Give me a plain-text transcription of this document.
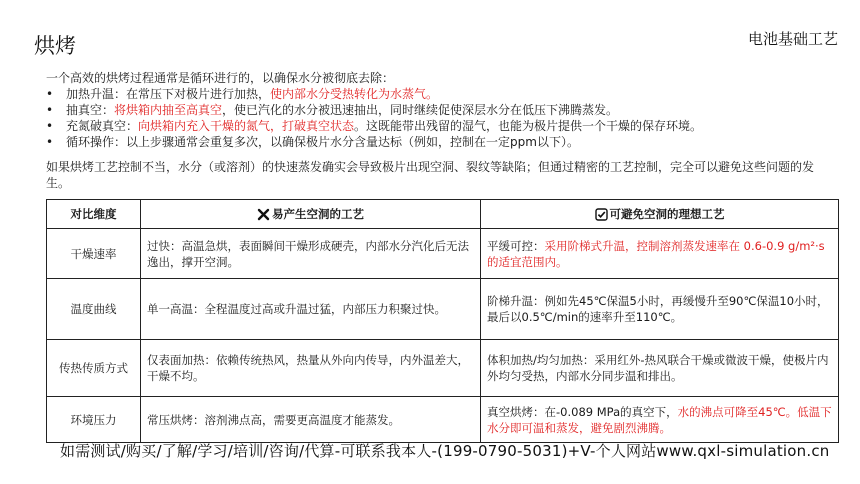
烘烤	电池基础工艺

一个高效的烘烤过程通常是循环进行的，以确保水分被彻底去除：

• 加热升温：在常压下对极片进行加热，使内部水分受热转化为水蒸气。
• 抽真空：将烘箱内抽至高真空，使已汽化的水分被迅速抽出，同时继续促使深层水分在低压下沸腾蒸发。
• 充氮破真空：向烘箱内充入干燥的氮气，打破真空状态。这既能带出残留的湿气，也能为极片提供一个干燥的保存环境。
• 循环操作：以上步骤通常会重复多次，以确保极片水分含量达标（例如，控制在一定ppm以下）。
如果烘烤工艺控制不当，水分（或溶剂）的快速蒸发确实会导致极片出现空洞、裂纹等缺陷；但通过精密的工艺控制，完全可以避免这些问题的发生。
对比维度	易产生空洞的工艺	可避免空洞的理想工艺
干燥速率	过快：高温急烘，表面瞬间干燥形成硬壳，内部水分汽化后无法逸出，撑开空洞。	平缓可控：采用阶梯式升温，控制溶剂蒸发速率在 0.6-0.9 g/m²·s 的适宜范围内。
温度曲线	单一高温：全程温度过高或升温过猛，内部压力积聚过快。	阶梯升温：例如先45℃保温5小时，再缓慢升至90℃保温10小时，最后以0.5℃/min的速率升至110℃。
传热传质方式	仅表面加热：依赖传统热风，热量从外向内传导，内外温差大，干燥不均。	体积加热/均匀加热：采用红外-热风联合干燥或微波干燥，使极片内外均匀受热，内部水分同步温和排出。
环境压力	常压烘烤：溶剂沸点高，需要更高温度才能蒸发。	真空烘烤：在-0.089 MPa的真空下，水的沸点可降至45℃。低温下水分即可温和蒸发，避免剧烈沸腾。
如需测试/购买/了解/学习/培训/咨询/代算-可联系我本人-(199-0790-5031)+V-个人网站www.qxl-simulation.cn
